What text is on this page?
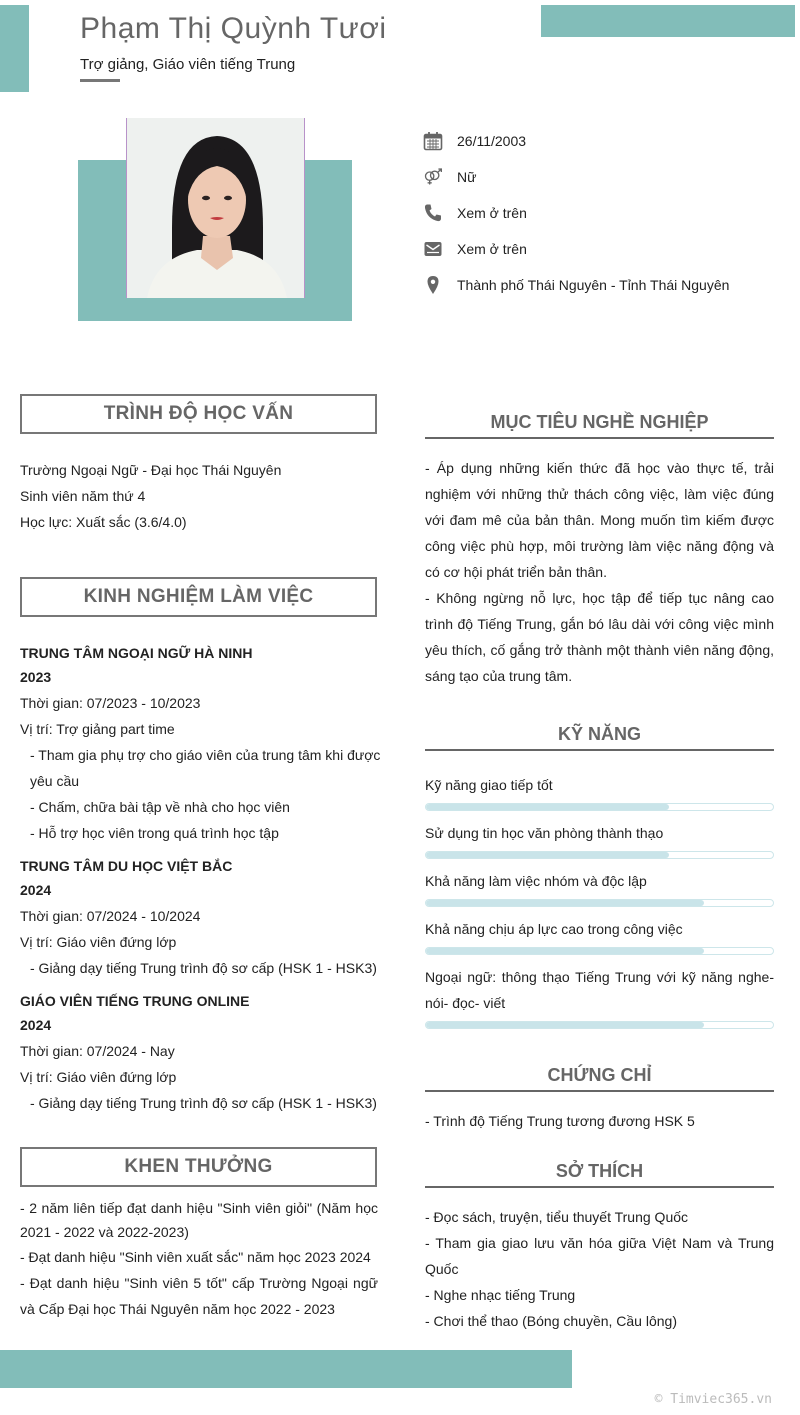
Phạm Thị Quỳnh Tươi
Trợ giảng, Giáo viên tiếng Trung
26/11/2003
Nữ
Xem ở trên
Xem ở trên
Thành phố Thái Nguyên - Tỉnh Thái Nguyên
TRÌNH ĐỘ HỌC VẤN
Trường Ngoại Ngữ - Đại học Thái Nguyên
Sinh viên năm thứ 4
Học lực: Xuất sắc (3.6/4.0)
KINH NGHIỆM LÀM VIỆC
TRUNG TÂM NGOẠI NGỮ HÀ NINH
2023
Thời gian: 07/2023 - 10/2023
Vị trí: Trợ giảng part time
- Tham gia phụ trợ cho giáo viên của trung tâm khi được yêu cầu
- Chấm, chữa bài tập về nhà cho học viên
- Hỗ trợ học viên trong quá trình học tập
TRUNG TÂM DU HỌC VIỆT BẮC
2024
Thời gian: 07/2024 - 10/2024
Vị trí: Giáo viên đứng lớp
- Giảng dạy tiếng Trung trình độ sơ cấp (HSK 1 - HSK3)
GIÁO VIÊN TIẾNG TRUNG ONLINE
2024
Thời gian: 07/2024 - Nay
Vị trí: Giáo viên đứng lớp
- Giảng dạy tiếng Trung trình độ sơ cấp (HSK 1 - HSK3)
KHEN THƯỞNG
- 2 năm liên tiếp đạt danh hiệu "Sinh viên giỏi" (Năm học 2021 - 2022 và 2022-2023)
- Đạt danh hiệu "Sinh viên xuất sắc" năm học 2023 2024
- Đạt danh hiệu "Sinh viên 5 tốt" cấp Trường Ngoại ngữ và Cấp Đại học Thái Nguyên năm học 2022 - 2023
MỤC TIÊU NGHỀ NGHIỆP
- Áp dụng những kiến thức đã học vào thực tế, trải nghiệm với những thử thách công việc, làm việc đúng với đam mê của bản thân. Mong muốn tìm kiếm được công việc phù hợp, môi trường làm việc năng động và có cơ hội phát triển bản thân.
- Không ngừng nỗ lực, học tập để tiếp tục nâng cao trình độ Tiếng Trung, gắn bó lâu dài với công việc mình yêu thích, cố gắng trở thành một thành viên năng động, sáng tạo của trung tâm.
KỸ NĂNG
Kỹ năng giao tiếp tốt
Sử dụng tin học văn phòng thành thạo
Khả năng làm việc nhóm và độc lập
Khả năng chịu áp lực cao trong công việc
Ngoại ngữ: thông thạo Tiếng Trung với kỹ năng nghe- nói- đọc- viết
CHỨNG CHỈ
- Trình độ Tiếng Trung tương đương HSK 5
SỞ THÍCH
- Đọc sách, truyện, tiểu thuyết Trung Quốc
- Tham gia giao lưu văn hóa giữa Việt Nam và Trung Quốc
- Nghe nhạc tiếng Trung
- Chơi thể thao (Bóng chuyền, Cầu lông)
© Timviec365.vn
